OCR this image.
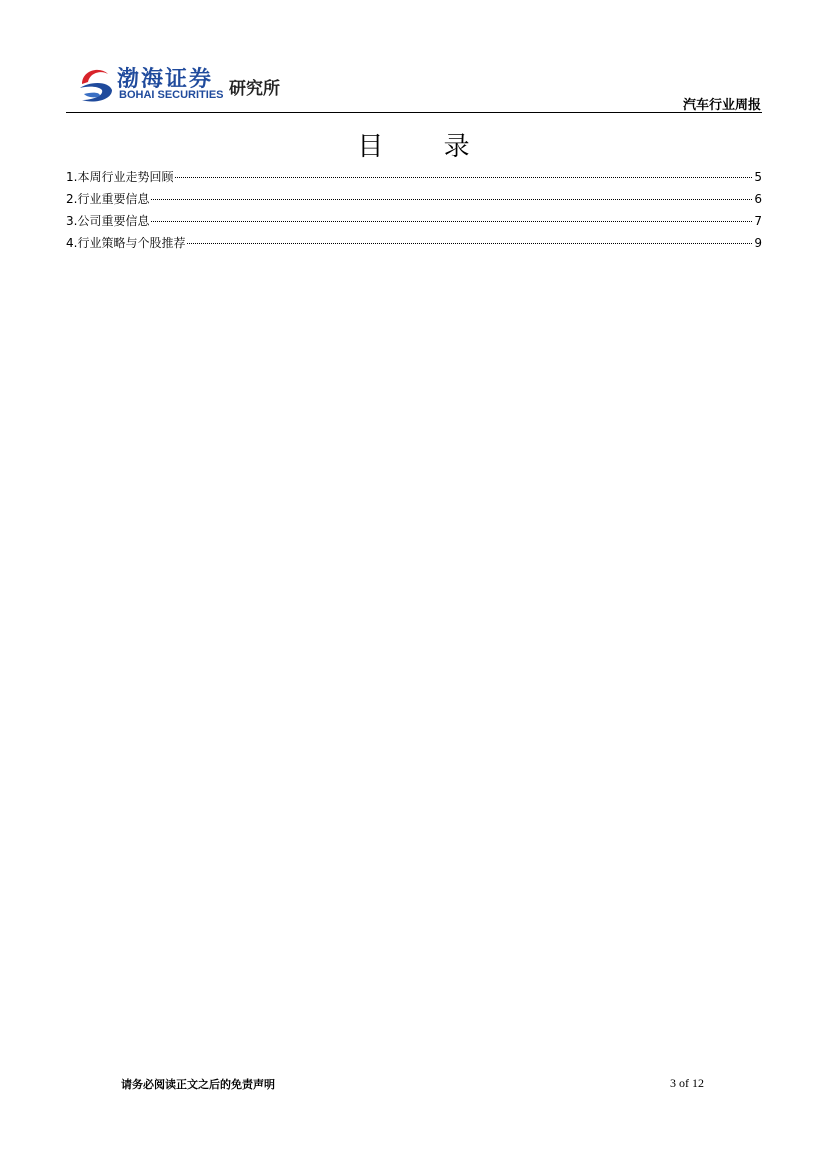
渤海证券
BOHAI SECURITIES 研究所
汽车行业周报
目 录
1.本周行业走势回顾	5
2.行业重要信息	6
3.公司重要信息	7
4.行业策略与个股推荐	9
请务必阅读正文之后的免责声明	3 of 12
